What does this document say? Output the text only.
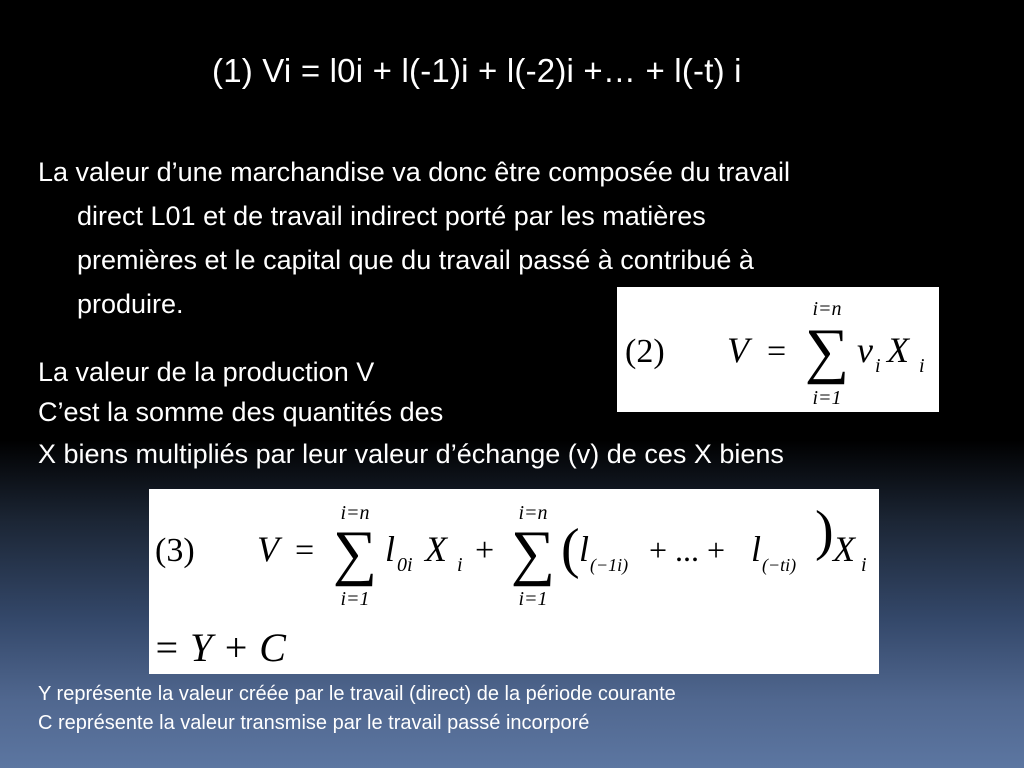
(1) Vi = l0i + l(-1)i + l(-2)i +… + l(-t) i
La valeur d’une marchandise va donc être composée du travail
direct L01 et de travail indirect porté par les matières
premières et le capital que du travail passé à contribué à
produire.
La valeur de la production V
C’est la somme des quantités des
X biens multipliés par leur valeur d’échange (v) de ces X biens
(2) V =
i=n
∑
i=1
v i X i
(3) V =
i=n
∑
i=1
l 0i X i +
i=n
∑
i=1
( l (−1i) + ... + l (−ti)
) X i
= Y + C
Y représente la valeur créée par le travail (direct) de la période courante
C représente la valeur transmise par le travail passé incorporé
